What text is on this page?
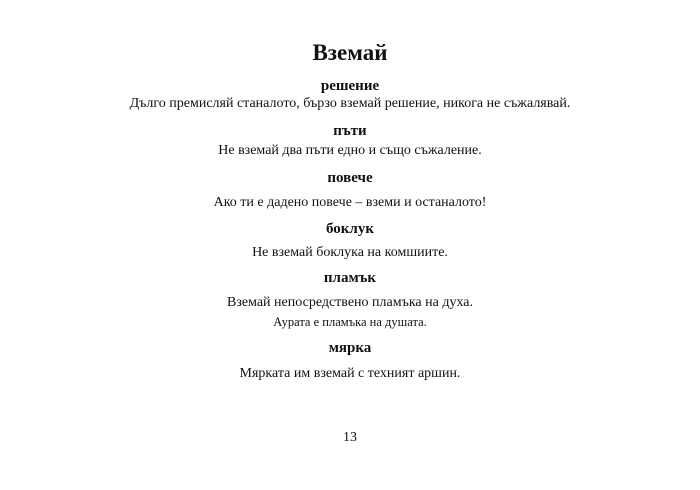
Вземай
решение
Дълго премисляй станалото, бързо вземай решение, никога не съжалявай.
пъти
Не вземай два пъти едно и също съжаление.
повече
Ако ти е дадено повече – вземи и останалото!
боклук
Не вземай боклука на комшиите.
пламък
Вземай непосредствено пламъка на духа.
Аурата е пламъка на душата.
мярка
Мярката им вземай с техният аршин.
13
